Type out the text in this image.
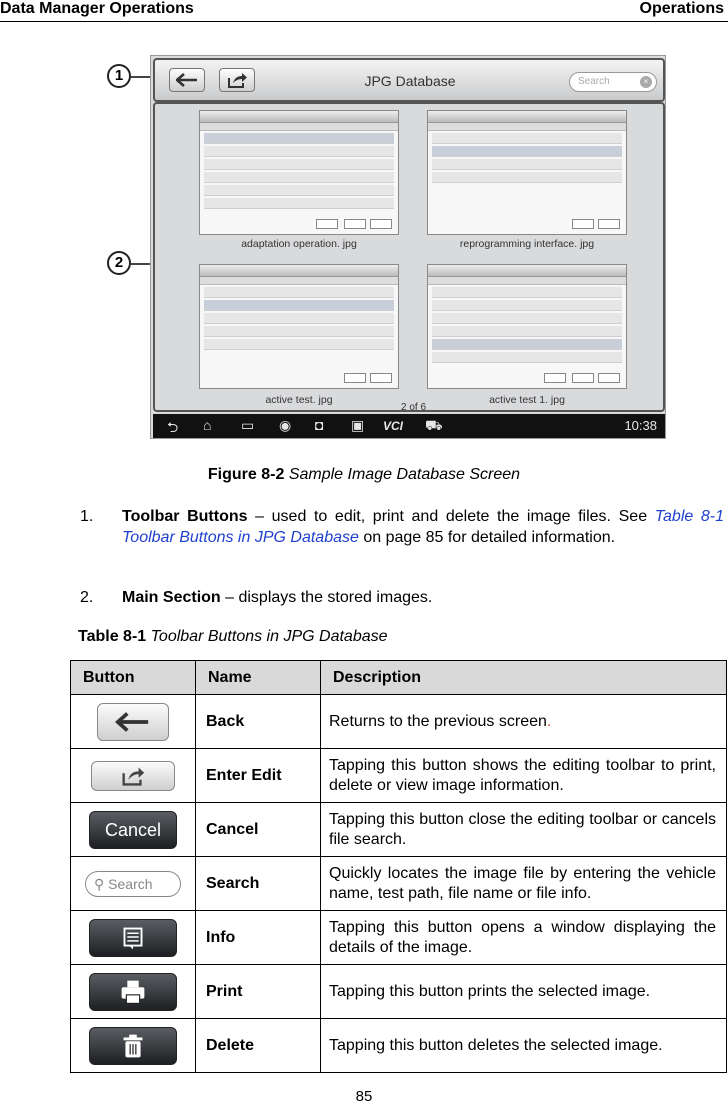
Data Manager Operations	Operations
1
2
JPG Database	Search	×
adaptation operation. jpg	reprogramming interface. jpg
active test. jpg	active test 1. jpg
2 of 6
⮌ ⌂ ▭ ◉ ◘ ▣ VCI ⛟	10:38
Figure 8-2 Sample Image Database Screen
1. Toolbar Buttons – used to edit, print and delete the image files. See Table 8-1 Toolbar Buttons in JPG Database on page 85 for detailed information.
2. Main Section – displays the stored images.
Table 8-1 Toolbar Buttons in JPG Database
Button	Name	Description

	Back	Returns to the previous screen.

	Enter Edit	Tapping this button shows the editing toolbar to print, delete or view image information.
Cancel	Cancel	Tapping this button close the editing toolbar or cancels file search.
⚲ Search	Search	Quickly locates the image file by entering the vehicle name, test path, file name or file info.

	Info	Tapping this button opens a window displaying the details of the image.

	Print	Tapping this button prints the selected image.

	Delete	Tapping this button deletes the selected image.
85
